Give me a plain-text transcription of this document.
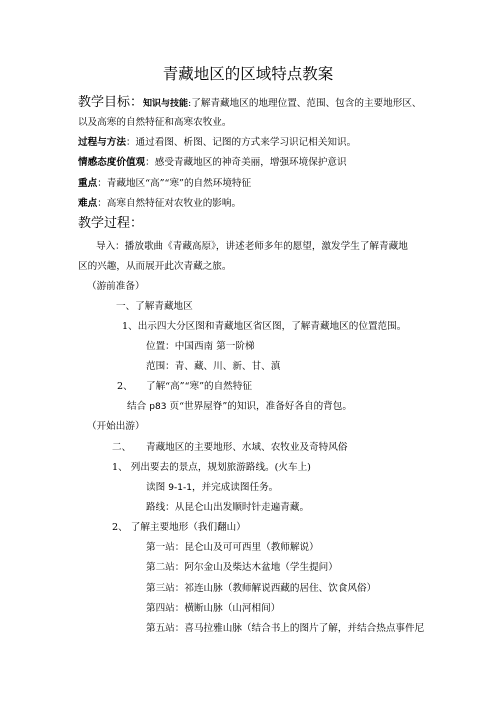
青藏地区的区域特点教案
教学目标：知识与技能:了解青藏地区的地理位置、范围、包含的主要地形区、
以及高寒的自然特征和高寒农牧业。
过程与方法：通过看图、析图、记图的方式来学习识记相关知识。
情感态度价值观：感受青藏地区的神奇美丽，增强环境保护意识
重点：青藏地区“高”“寒”的自然环境特征
难点：高寒自然特征对农牧业的影响。
教学过程：
导入：播放歌曲《青藏高原》，讲述老师多年的愿望，激发学生了解青藏地
区的兴趣，从而展开此次青藏之旅。
（游前准备）
一、了解青藏地区
1、出示四大分区图和青藏地区省区图，了解青藏地区的位置范围。
位置：中国西南 第一阶梯
范围：青、藏、川、新、甘、滇
2、 了解“高”“寒”的自然特征
结合 p83 页“世界屋脊”的知识，准备好各自的背包。
（开始出游）
二、 青藏地区的主要地形、水域、农牧业及奇特风俗
1、 列出要去的景点，规划旅游路线。(火车上)
读图 9-1-1，并完成读图任务。
路线：从昆仑山出发顺时针走遍青藏。
2、 了解主要地形（我们翻山）
第一站：昆仑山及可可西里（教师解说）
第二站：阿尔金山及柴达木盆地（学生提问）
第三站：祁连山脉（教师解说西藏的居住、饮食风俗）
第四站：横断山脉（山河相间）
第五站：喜马拉雅山脉（结合书上的图片了解，并结合热点事件尼
